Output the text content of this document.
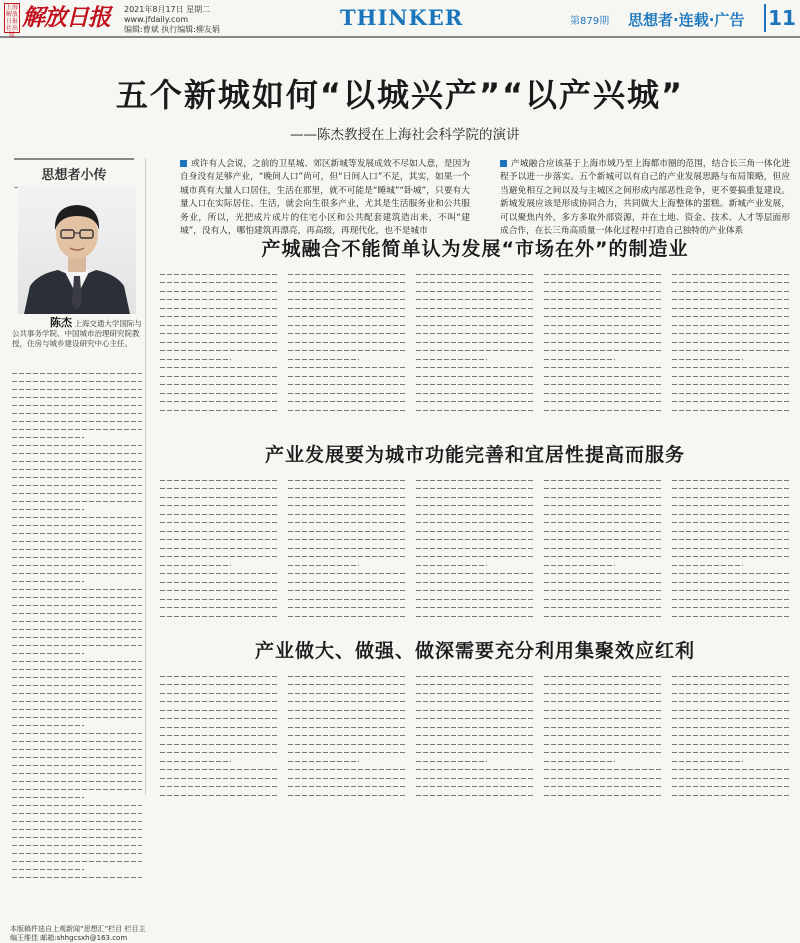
上海解放日报社出版
解放日报	2021年8月17日 星期二
www.jfdaily.com
编辑:曹斌 执行编辑:柳友娟	THINKER	第879期 思想者·连载·广告 11
五个新城如何“以城兴产”“以产兴城”
——陈杰教授在上海社会科学院的演讲
思想者小传
陈杰 上海交通大学国际与公共事务学院、中国城市治理研究院教授，住房与城乡建设研究中心主任。
本版稿件选自上观新闻“思想汇”栏目 栏目主编王维佳 邮箱:shhgcsxh@163.com
或许有人会说，之前的卫星城、郊区新城等发展成效不尽如人意，是因为自身没有足够产业，“晚间人口”尚可，但“日间人口”不足，其实，如果一个城市真有大量人口居住，生活在那里，就不可能是“睡城”“卧城”，只要有大量人口在实际居住、生活，就会向生很多产业，尤其是生活服务业和公共服务业，所以，光把成片成片的住宅小区和公共配套建筑造出来，不叫“建城”，没有人，哪怕建筑再漂亮，再高级，再现代化，也不是城市
产城融合应该基于上海市域乃至上海都市圈的范围，结合长三角一体化进程予以进一步落实。五个新城可以有自己的产业发展思路与布局策略，但应当避免相互之间以及与主城区之间形成内部恶性竞争，更不要搞重复建设。新城发展应该是形成协同合力，共同做大上海整体的蛋糕。新城产业发展，可以聚焦内外，多方多取外部资源，并在土地、资金、技术、人才等层面形成合作，在长三角高质量一体化过程中打造自己独特的产业体系
产城融合不能简单认为发展“市场在外”的制造业
产业发展要为城市功能完善和宜居性提高而服务
产业做大、做强、做深需要充分利用集聚效应红利
